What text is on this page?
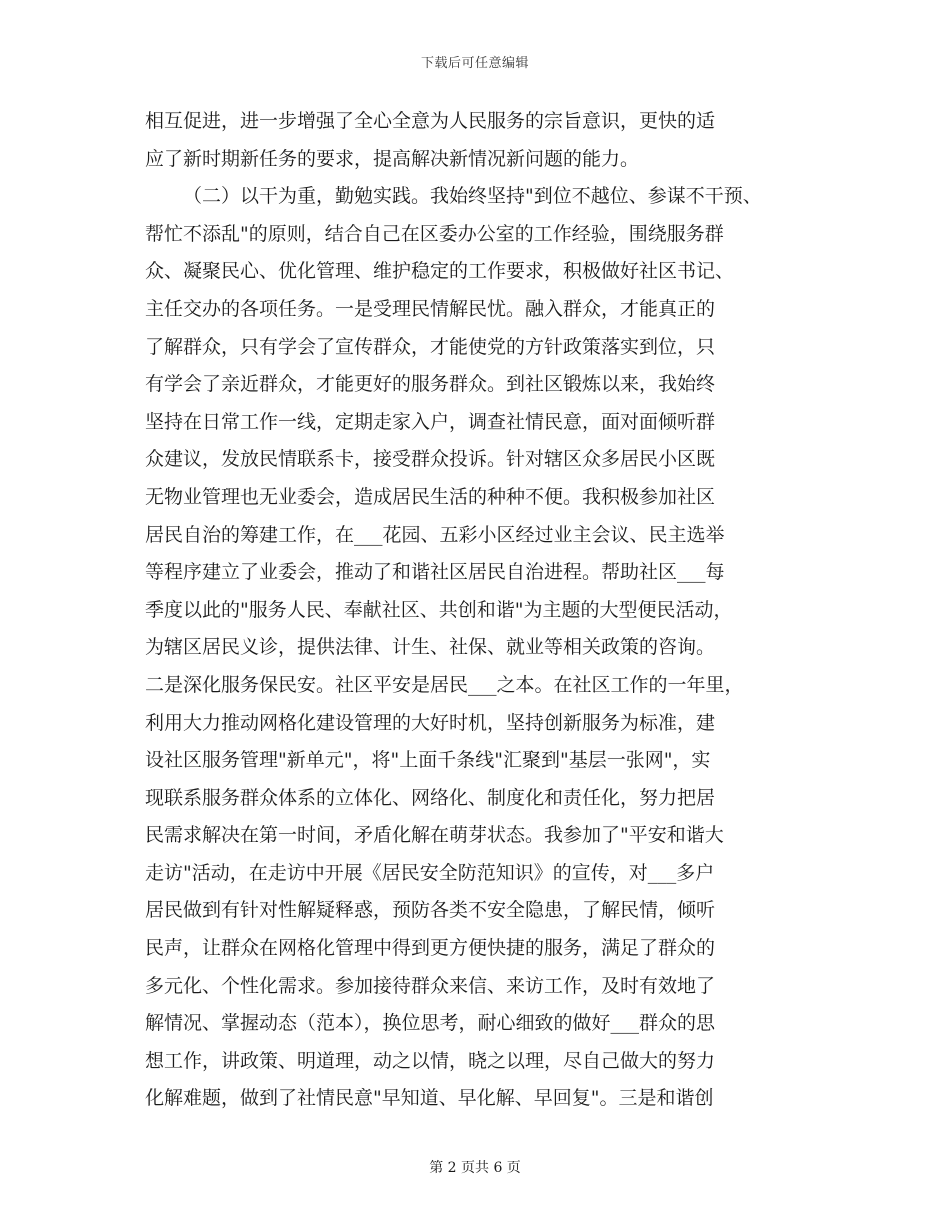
下载后可任意编辑
相互促进，进一步增强了全心全意为人民服务的宗旨意识，更快的适
应了新时期新任务的要求，提高解决新情况新问题的能力。
（二）以干为重，勤勉实践。我始终坚持"到位不越位、参谋不干预、
帮忙不添乱"的原则，结合自己在区委办公室的工作经验，围绕服务群
众、凝聚民心、优化管理、维护稳定的工作要求，积极做好社区书记、
主任交办的各项任务。一是受理民情解民忧。融入群众，才能真正的
了解群众，只有学会了宣传群众，才能使党的方针政策落实到位，只
有学会了亲近群众，才能更好的服务群众。到社区锻炼以来，我始终
坚持在日常工作一线，定期走家入户，调查社情民意，面对面倾听群
众建议，发放民情联系卡，接受群众投诉。针对辖区众多居民小区既
无物业管理也无业委会，造成居民生活的种种不便。我积极参加社区
居民自治的筹建工作，在___花园、五彩小区经过业主会议、民主选举
等程序建立了业委会，推动了和谐社区居民自治进程。帮助社区___每
季度以此的"服务人民、奉献社区、共创和谐"为主题的大型便民活动，
为辖区居民义诊，提供法律、计生、社保、就业等相关政策的咨询。
二是深化服务保民安。社区平安是居民___之本。在社区工作的一年里，
利用大力推动网格化建设管理的大好时机，坚持创新服务为标准，建
设社区服务管理"新单元"，将"上面千条线"汇聚到"基层一张网"，实
现联系服务群众体系的立体化、网络化、制度化和责任化，努力把居
民需求解决在第一时间，矛盾化解在萌芽状态。我参加了"平安和谐大
走访"活动，在走访中开展《居民安全防范知识》的宣传，对___多户
居民做到有针对性解疑释惑，预防各类不安全隐患，了解民情，倾听
民声，让群众在网格化管理中得到更方便快捷的服务，满足了群众的
多元化、个性化需求。参加接待群众来信、来访工作，及时有效地了
解情况、掌握动态（范本），换位思考，耐心细致的做好___群众的思
想工作，讲政策、明道理，动之以情，晓之以理，尽自己做大的努力
化解难题，做到了社情民意"早知道、早化解、早回复"。三是和谐创
第 2 页共 6 页
